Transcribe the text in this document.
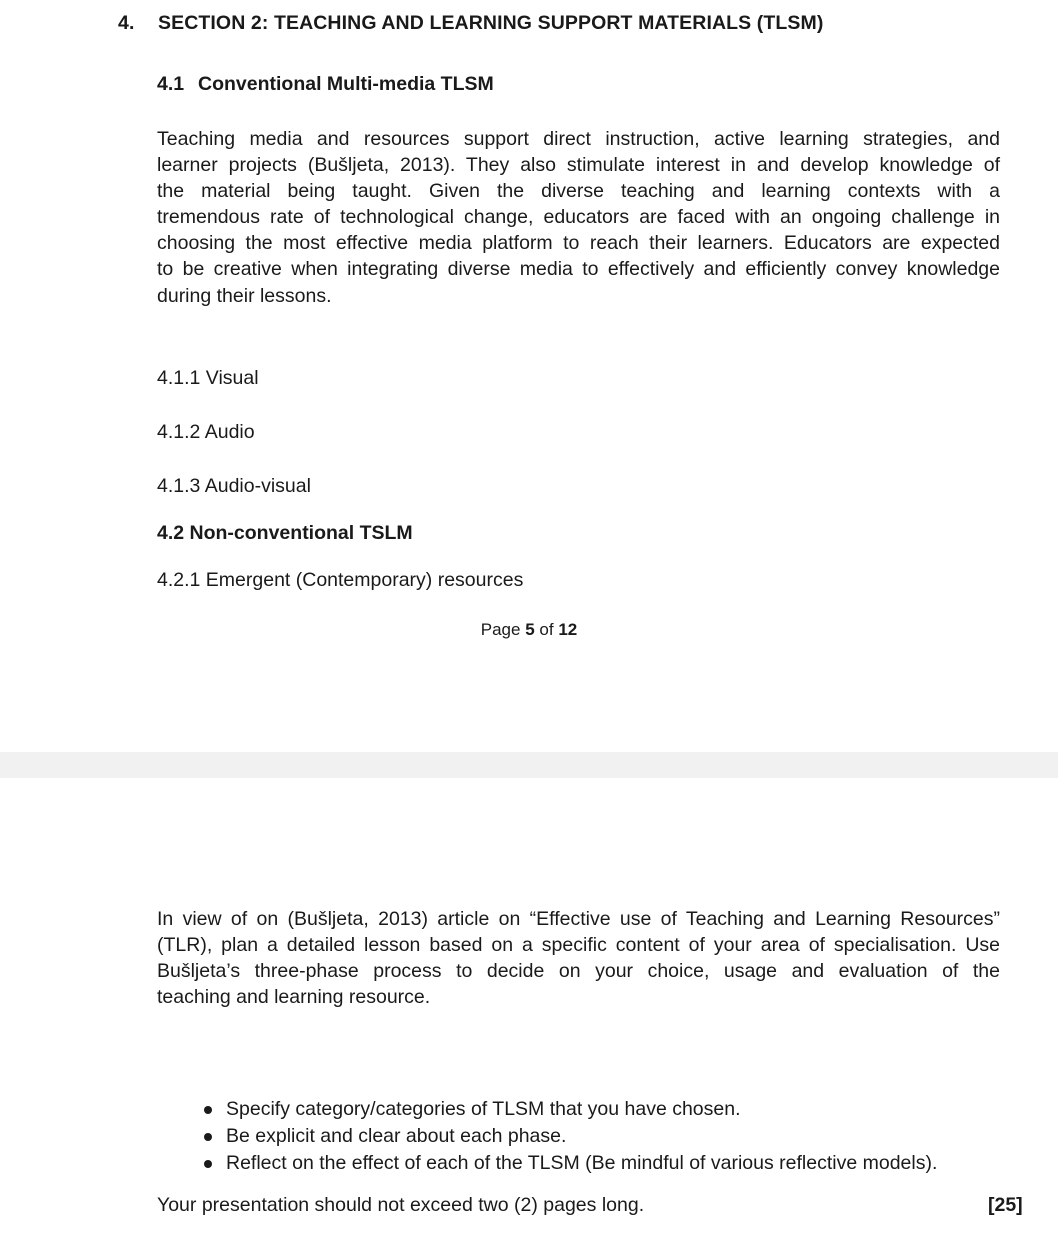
4. SECTION 2: TEACHING AND LEARNING SUPPORT MATERIALS (TLSM)

4.1 Conventional Multi-media TLSM

Teaching media and resources support direct instruction, active learning strategies, and
learner projects (Bušljeta, 2013). They also stimulate interest in and develop knowledge of
the material being taught. Given the diverse teaching and learning contexts with a
tremendous rate of technological change, educators are faced with an ongoing challenge in
choosing the most effective media platform to reach their learners. Educators are expected
to be creative when integrating diverse media to effectively and efficiently convey knowledge
during their lessons.

4.1.1 Visual

4.1.2 Audio

4.1.3 Audio-visual

4.2 Non-conventional TSLM

4.2.1 Emergent (Contemporary) resources

Page 5 of 12

In view of on (Bušljeta, 2013) article on “Effective use of Teaching and Learning Resources”
(TLR), plan a detailed lesson based on a specific content of your area of specialisation. Use
Bušljeta’s three-phase process to decide on your choice, usage and evaluation of the
teaching and learning resource.
Specify category/categories of TLSM that you have chosen.
Be explicit and clear about each phase.
Reflect on the effect of each of the TLSM (Be mindful of various reflective models).

Your presentation should not exceed two (2) pages long.	[25]
